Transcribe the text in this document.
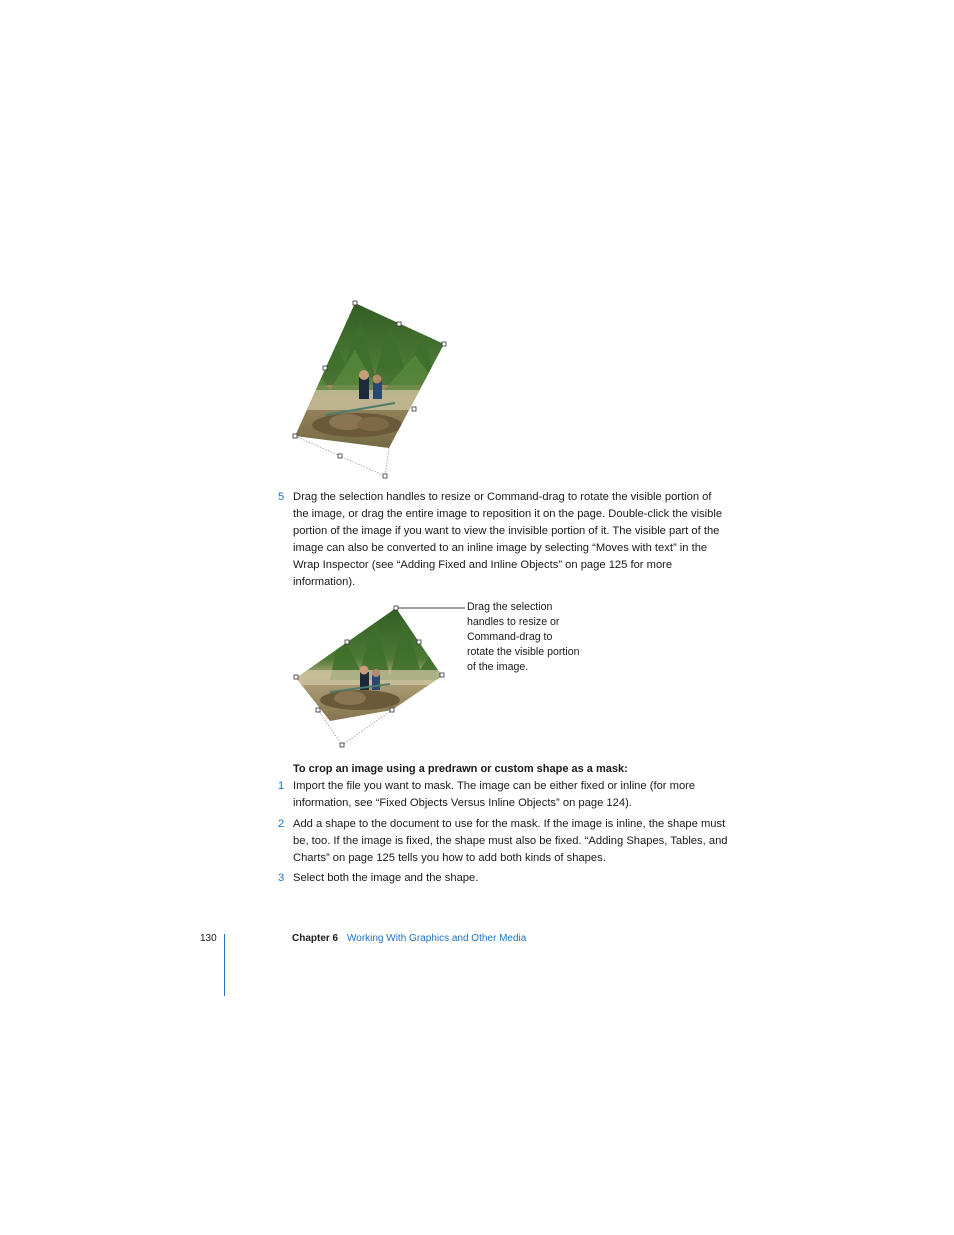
5 Drag the selection handles to resize or Command-drag to rotate the visible portion of the image, or drag the entire image to reposition it on the page. Double-click the visible portion of the image if you want to view the invisible portion of it. The visible part of the image can also be converted to an inline image by selecting “Moves with text” in the Wrap Inspector (see “Adding Fixed and Inline Objects” on page 125 for more information).
Drag the selection handles to resize or Command-drag to rotate the visible portion of the image.
To crop an image using a predrawn or custom shape as a mask:
1 Import the file you want to mask. The image can be either fixed or inline (for more information, see “Fixed Objects Versus Inline Objects” on page 124).
2 Add a shape to the document to use for the mask. If the image is inline, the shape must be, too. If the image is fixed, the shape must also be fixed. “Adding Shapes, Tables, and Charts” on page 125 tells you how to add both kinds of shapes.
3 Select both the image and the shape.
130	Chapter 6 Working With Graphics and Other Media
